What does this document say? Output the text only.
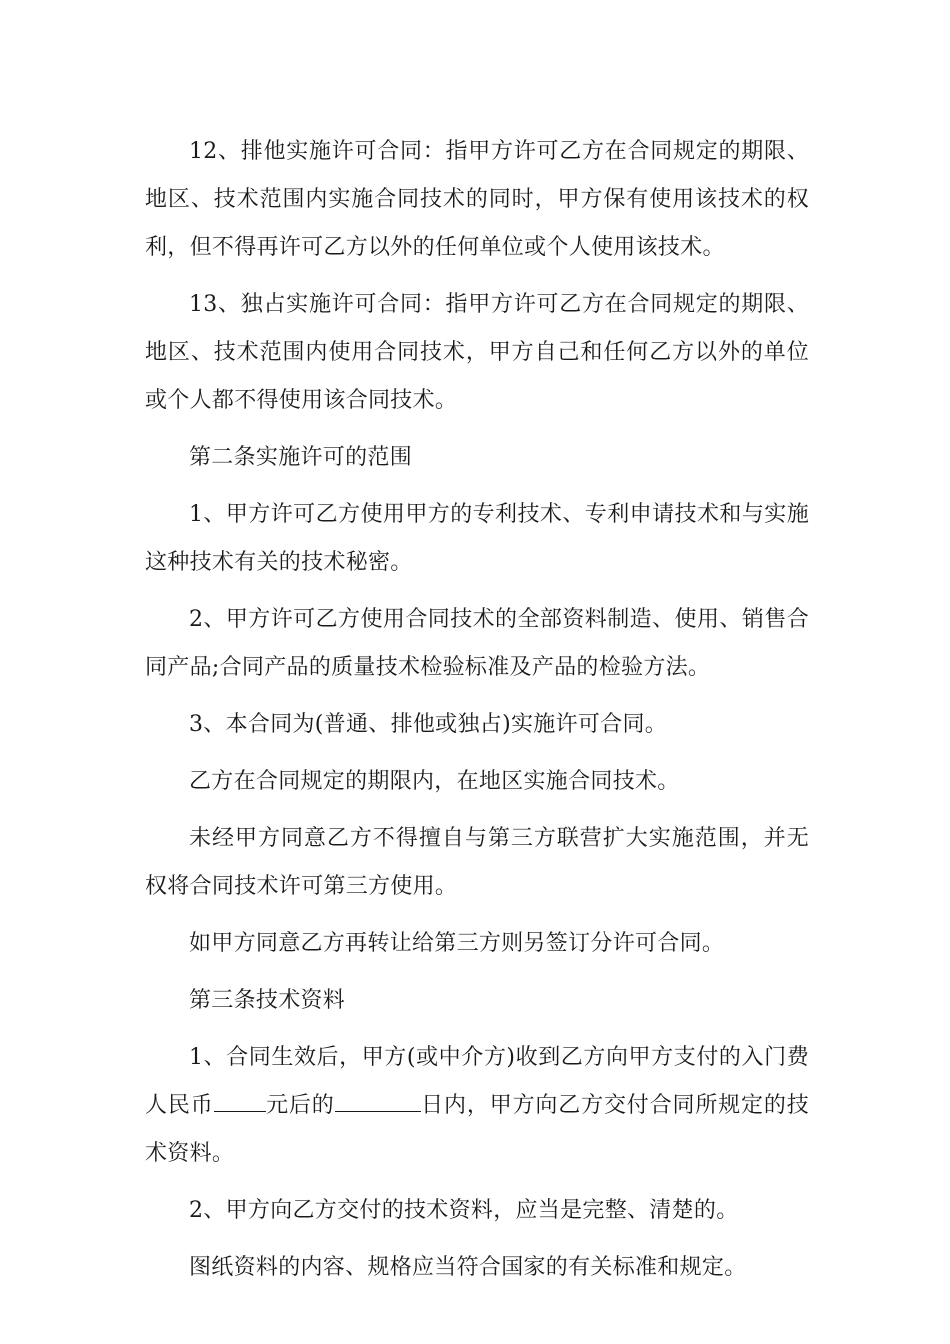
12、排他实施许可合同：指甲方许可乙方在合同规定的期限、地区、技术范围内实施合同技术的同时，甲方保有使用该技术的权利，但不得再许可乙方以外的任何单位或个人使用该技术。

13、独占实施许可合同：指甲方许可乙方在合同规定的期限、地区、技术范围内使用合同技术，甲方自己和任何乙方以外的单位或个人都不得使用该合同技术。

第二条实施许可的范围

1、甲方许可乙方使用甲方的专利技术、专利申请技术和与实施这种技术有关的技术秘密。

2、甲方许可乙方使用合同技术的全部资料制造、使用、销售合同产品;合同产品的质量技术检验标准及产品的检验方法。

3、本合同为(普通、排他或独占)实施许可合同。

乙方在合同规定的期限内，在地区实施合同技术。

未经甲方同意乙方不得擅自与第三方联营扩大实施范围，并无权将合同技术许可第三方使用。

如甲方同意乙方再转让给第三方则另签订分许可合同。

第三条技术资料

1、合同生效后，甲方(或中介方)收到乙方向甲方支付的入门费人民币 元后的	日内，甲方向乙方交付合同所规定的技术资料。

2、甲方向乙方交付的技术资料，应当是完整、清楚的。

图纸资料的内容、规格应当符合国家的有关标准和规定。
